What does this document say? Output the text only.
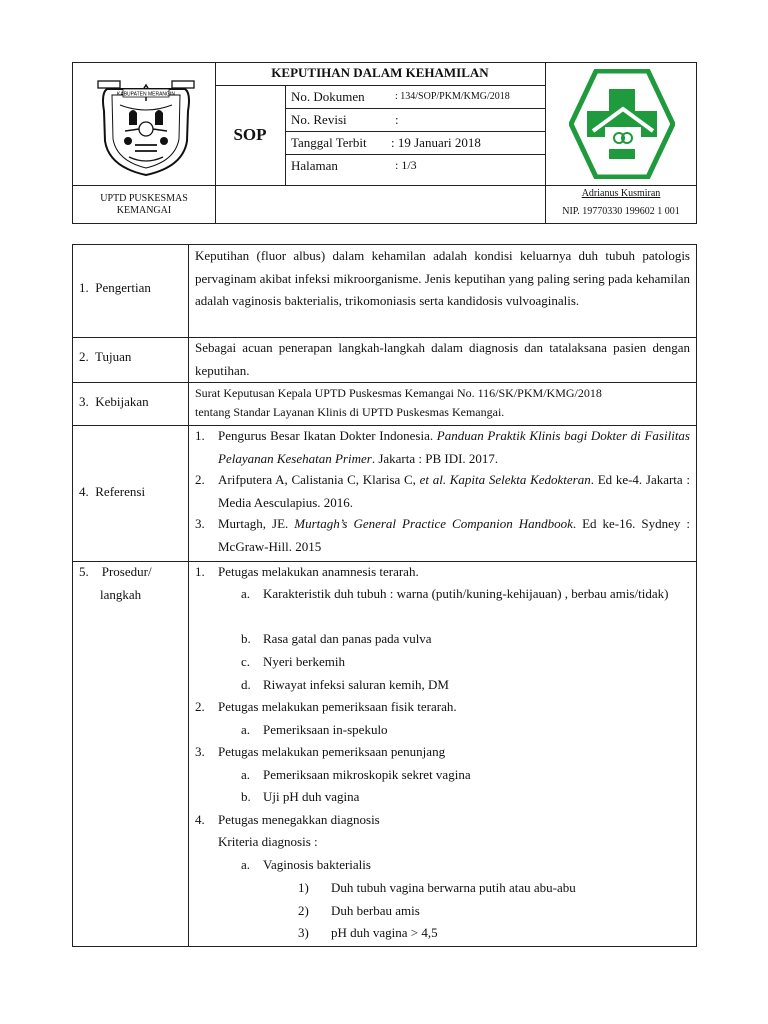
KABUPATEN MERANGIN
KEPUTIHAN DALAM KEHAMILAN
SOP
No. Dokumen	: 134/SOP/PKM/KMG/2018
No. Revisi	:
Tanggal Terbit : 19 Januari 2018
Halaman	: 1/3
UPTD PUSKESMAS
KEMANGAI
Adrianus Kusmiran
NIP. 19770330 199602 1 001
1. Pengertian
Keputihan (fluor albus) dalam kehamilan adalah kondisi keluarnya duh tubuh patologis pervaginam akibat infeksi mikroorganisme. Jenis keputihan yang paling sering pada kehamilan adalah vaginosis bakterialis, trikomoniasis serta kandidosis vulvoaginalis.
2. Tujuan
Sebagai acuan penerapan langkah-langkah dalam diagnosis dan tatalaksana pasien dengan keputihan.
3. Kebijakan
Surat Keputusan Kepala UPTD Puskesmas Kemangai No. 116/SK/PKM/KMG/2018
tentang Standar Layanan Klinis di UPTD Puskesmas Kemangai.
4. Referensi
1.	Pengurus Besar Ikatan Dokter Indonesia. Panduan Praktik Klinis bagi Dokter di Fasilitas Pelayanan Kesehatan Primer. Jakarta : PB IDI. 2017.
2.	Arifputera A, Calistania C, Klarisa C, et al. Kapita Selekta Kedokteran. Ed ke-4. Jakarta : Media Aesculapius. 2016.
3.	Murtagh, JE. Murtagh’s General Practice Companion Handbook. Ed ke-16. Sydney : McGraw-Hill. 2015
5. Prosedur/
langkah
1. Petugas melakukan anamnesis terarah.
a. Karakteristik duh tubuh : warna (putih/kuning-kehijauan) , berbau amis/tidak)
b. Rasa gatal dan panas pada vulva
c. Nyeri berkemih
d. Riwayat infeksi saluran kemih, DM
2. Petugas melakukan pemeriksaan fisik terarah.
a. Pemeriksaan in-spekulo
3. Petugas melakukan pemeriksaan penunjang
a. Pemeriksaan mikroskopik sekret vagina
b. Uji pH duh vagina
4. Petugas menegakkan diagnosis
Kriteria diagnosis :
a. Vaginosis bakterialis
1) Duh tubuh vagina berwarna putih atau abu-abu
2) Duh berbau amis
3) pH duh vagina > 4,5
